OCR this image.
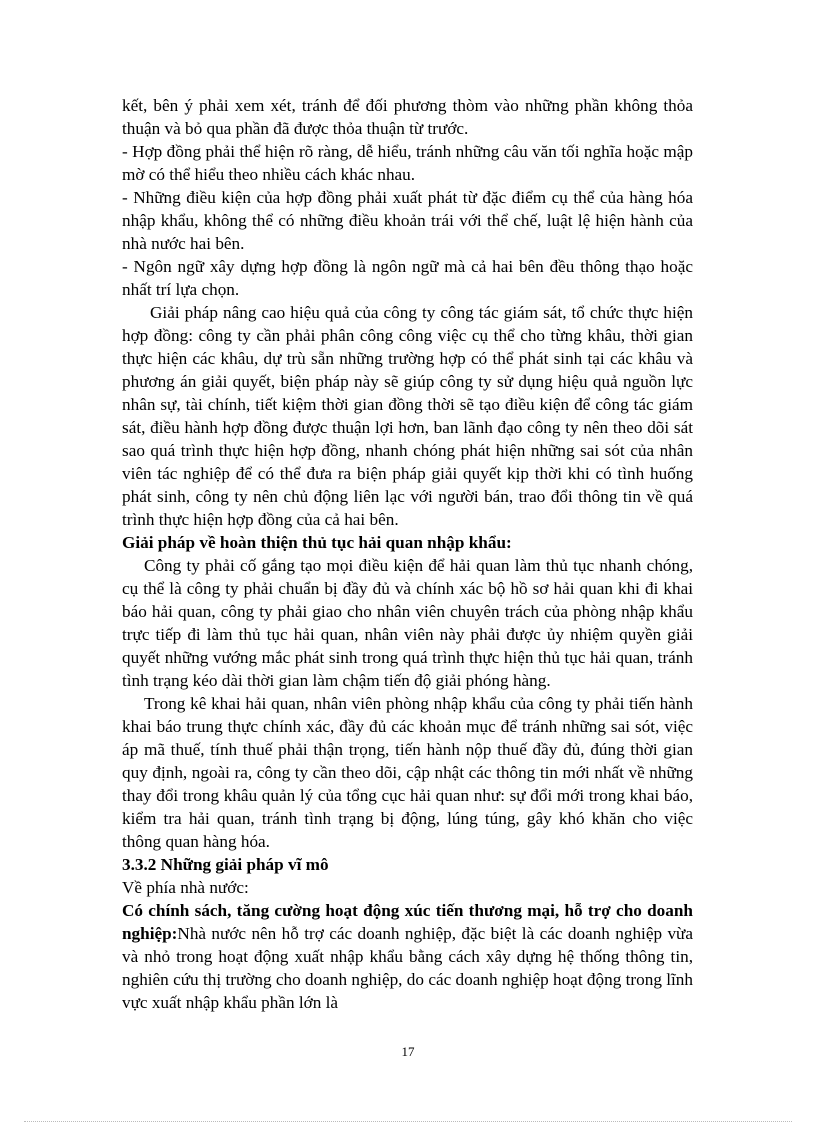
kết, bên ý phải xem xét, tránh để đối phương thòm vào những phần không thỏa thuận và bỏ qua phần đã được thỏa thuận từ trước.

- Hợp đồng phải thể hiện rõ ràng, dễ hiểu, tránh những câu văn tối nghĩa hoặc mập mờ có thể hiểu theo nhiều cách khác nhau.

- Những điều kiện của hợp đồng phải xuất phát từ đặc điểm cụ thể của hàng hóa nhập khẩu, không thể có những điều khoản trái với thể chế, luật lệ hiện hành của nhà nước hai bên.

- Ngôn ngữ xây dựng hợp đồng là ngôn ngữ mà cả hai bên đều thông thạo hoặc nhất trí lựa chọn.

Giải pháp nâng cao hiệu quả của công ty công tác giám sát, tổ chức thực hiện hợp đồng: công ty cần phải phân công công việc cụ thể cho từng khâu, thời gian thực hiện các khâu, dự trù sẵn những trường hợp có thể phát sinh tại các khâu và phương án giải quyết, biện pháp này sẽ giúp công ty sử dụng hiệu quả nguồn lực nhân sự, tài chính, tiết kiệm thời gian đồng thời sẽ tạo điều kiện để công tác giám sát, điều hành hợp đồng được thuận lợi hơn, ban lãnh đạo công ty nên theo dõi sát sao quá trình thực hiện hợp đồng, nhanh chóng phát hiện những sai sót của nhân viên tác nghiệp để có thể đưa ra biện pháp giải quyết kịp thời khi có tình huống phát sinh, công ty nên chủ động liên lạc với người bán, trao đổi thông tin về quá trình thực hiện hợp đồng của cả hai bên.

Giải pháp về hoàn thiện thủ tục hải quan nhập khẩu:

Công ty phải cố gắng tạo mọi điều kiện để hải quan làm thủ tục nhanh chóng, cụ thể là công ty phải chuẩn bị đầy đủ và chính xác bộ hồ sơ hải quan khi đi khai báo hải quan, công ty phải giao cho nhân viên chuyên trách của phòng nhập khẩu trực tiếp đi làm thủ tục hải quan, nhân viên này phải được ủy nhiệm quyền giải quyết những vướng mắc phát sinh trong quá trình thực hiện thủ tục hải quan, tránh tình trạng kéo dài thời gian làm chậm tiến độ giải phóng hàng.

Trong kê khai hải quan, nhân viên phòng nhập khẩu của công ty phải tiến hành khai báo trung thực chính xác, đầy đủ các khoản mục để tránh những sai sót, việc áp mã thuế, tính thuế phải thận trọng, tiến hành nộp thuế đầy đủ, đúng thời gian quy định, ngoài ra, công ty cần theo dõi, cập nhật các thông tin mới nhất về những thay đổi trong khâu quản lý của tổng cục hải quan như: sự đổi mới trong khai báo, kiểm tra hải quan, tránh tình trạng bị động, lúng túng, gây khó khăn cho việc thông quan hàng hóa.

3.3.2 Những giải pháp vĩ mô

Về phía nhà nước:

Có chính sách, tăng cường hoạt động xúc tiến thương mại, hỗ trợ cho doanh nghiệp:Nhà nước nên hỗ trợ các doanh nghiệp, đặc biệt là các doanh nghiệp vừa và nhỏ trong hoạt động xuất nhập khẩu bằng cách xây dựng hệ thống thông tin, nghiên cứu thị trường cho doanh nghiệp, do các doanh nghiệp hoạt động trong lĩnh vực xuất nhập khẩu phần lớn là

17
